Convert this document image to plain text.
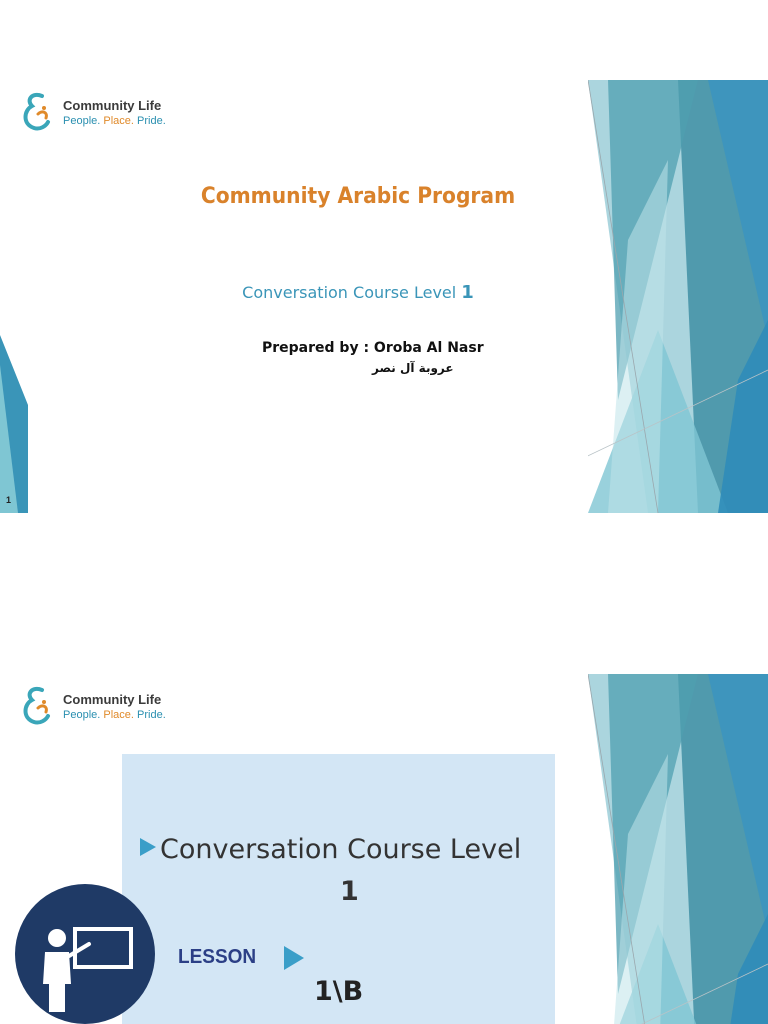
Community Life
People. Place. Pride.
Community Arabic Program
Conversation Course Level 1
Prepared by : Oroba Al Nasr
عروبة آل نصر
1
Community Life
People. Place. Pride.
Conversation Course Level
1
LESSON
1\B
